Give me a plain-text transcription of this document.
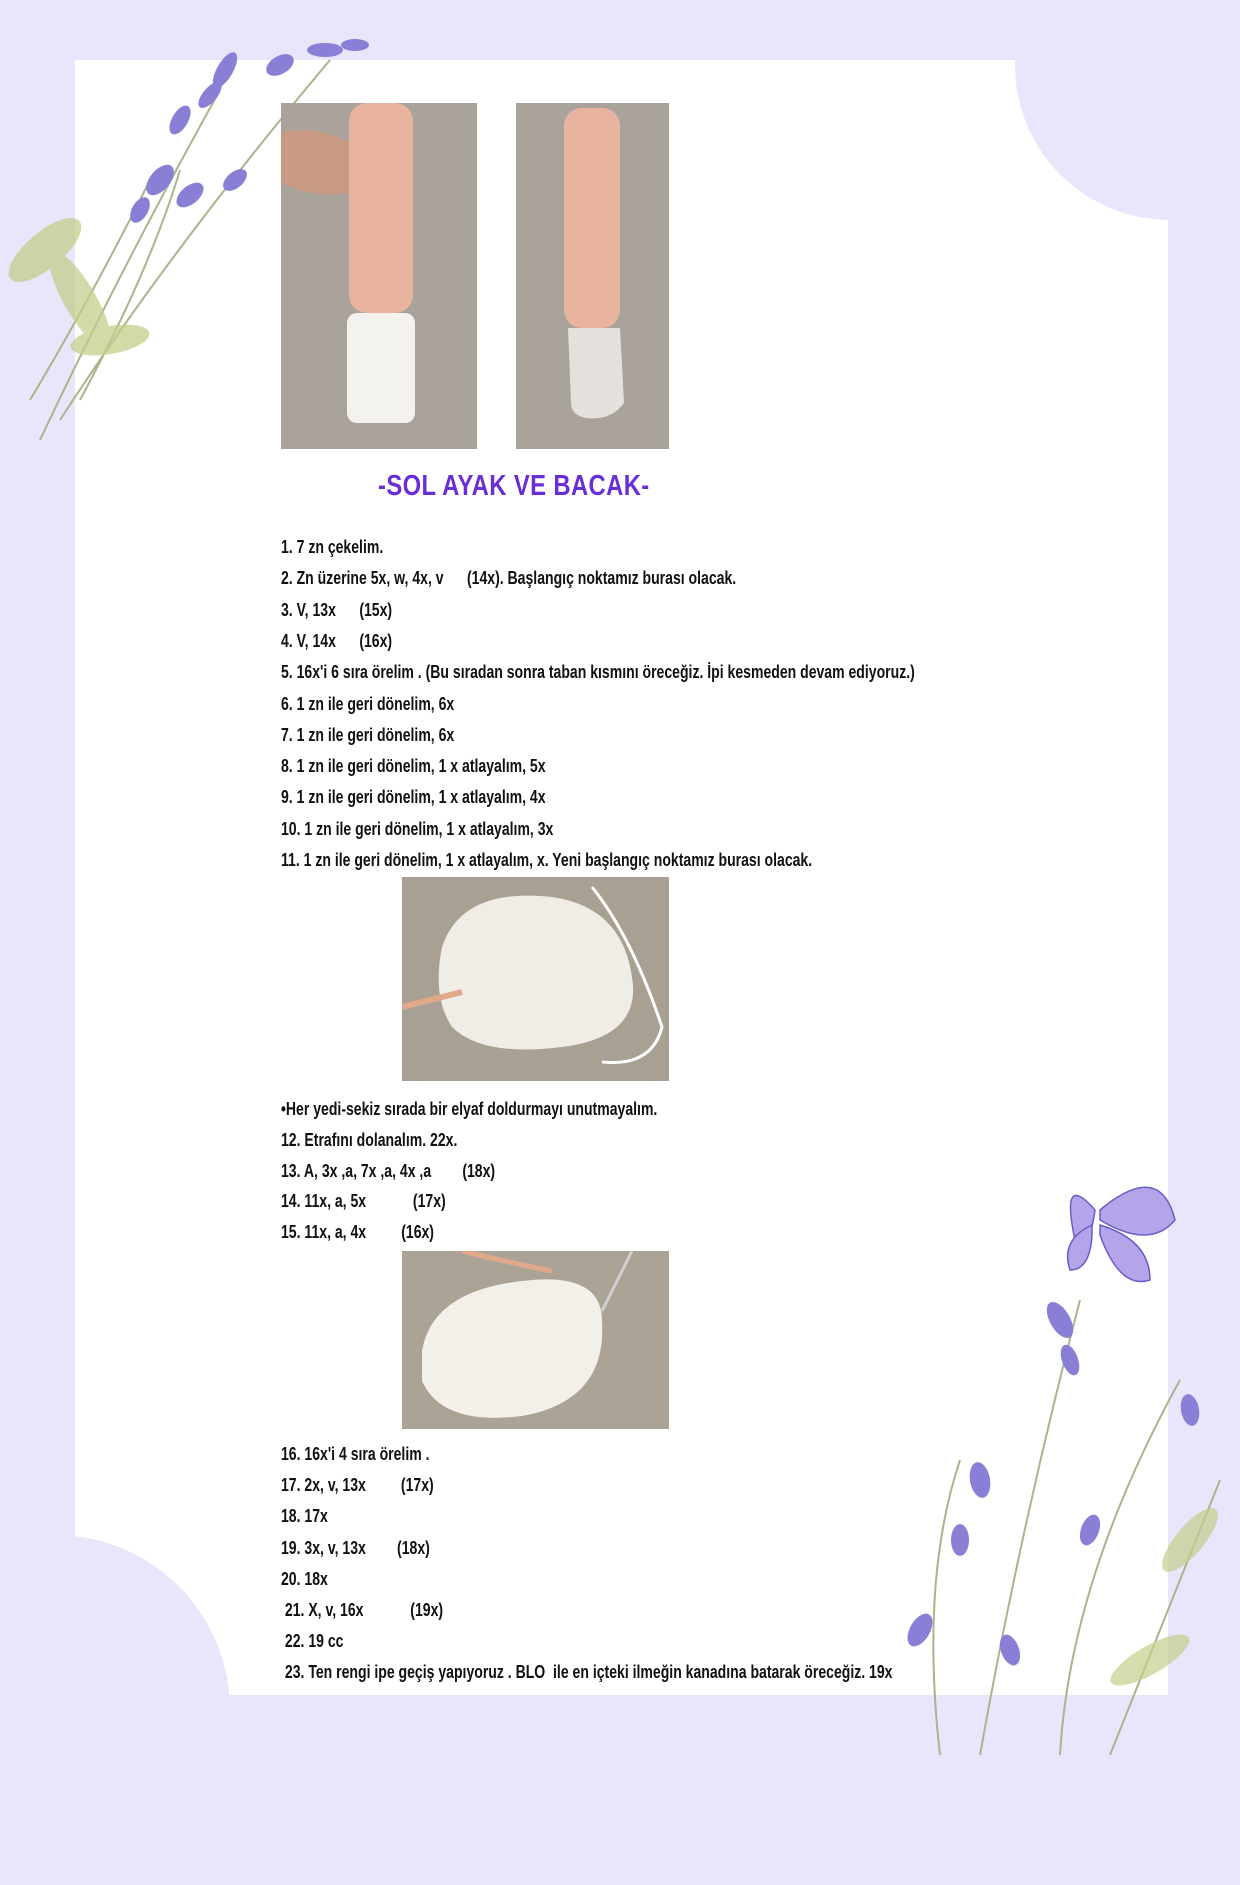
-SOL AYAK VE BACAK-
1. 7 zn çekelim.
2. Zn üzerine 5x, w, 4x, v      (14x). Başlangıç noktamız burası olacak.
3. V, 13x      (15x)
4. V, 14x      (16x)
5. 16x'i 6 sıra örelim . (Bu sıradan sonra taban kısmını öreceğiz. İpi kesmeden devam ediyoruz.)
6. 1 zn ile geri dönelim, 6x
7. 1 zn ile geri dönelim, 6x
8. 1 zn ile geri dönelim, 1 x atlayalım, 5x
9. 1 zn ile geri dönelim, 1 x atlayalım, 4x
10. 1 zn ile geri dönelim, 1 x atlayalım, 3x
11. 1 zn ile geri dönelim, 1 x atlayalım, x. Yeni başlangıç noktamız burası olacak.
•Her yedi-sekiz sırada bir elyaf doldurmayı unutmayalım.
12. Etrafını dolanalım. 22x.
13. A, 3x ,a, 7x ,a, 4x ,a        (18x)
14. 11x, a, 5x            (17x)
15. 11x, a, 4x         (16x)
16. 16x'i 4 sıra örelim .
17. 2x, v, 13x         (17x)
18. 17x
19. 3x, v, 13x        (18x)
20. 18x
21. X, v, 16x            (19x)
22. 19 cc
23. Ten rengi ipe geçiş yapıyoruz . BLO  ile en içteki ilmeğin kanadına batarak öreceğiz. 19x
